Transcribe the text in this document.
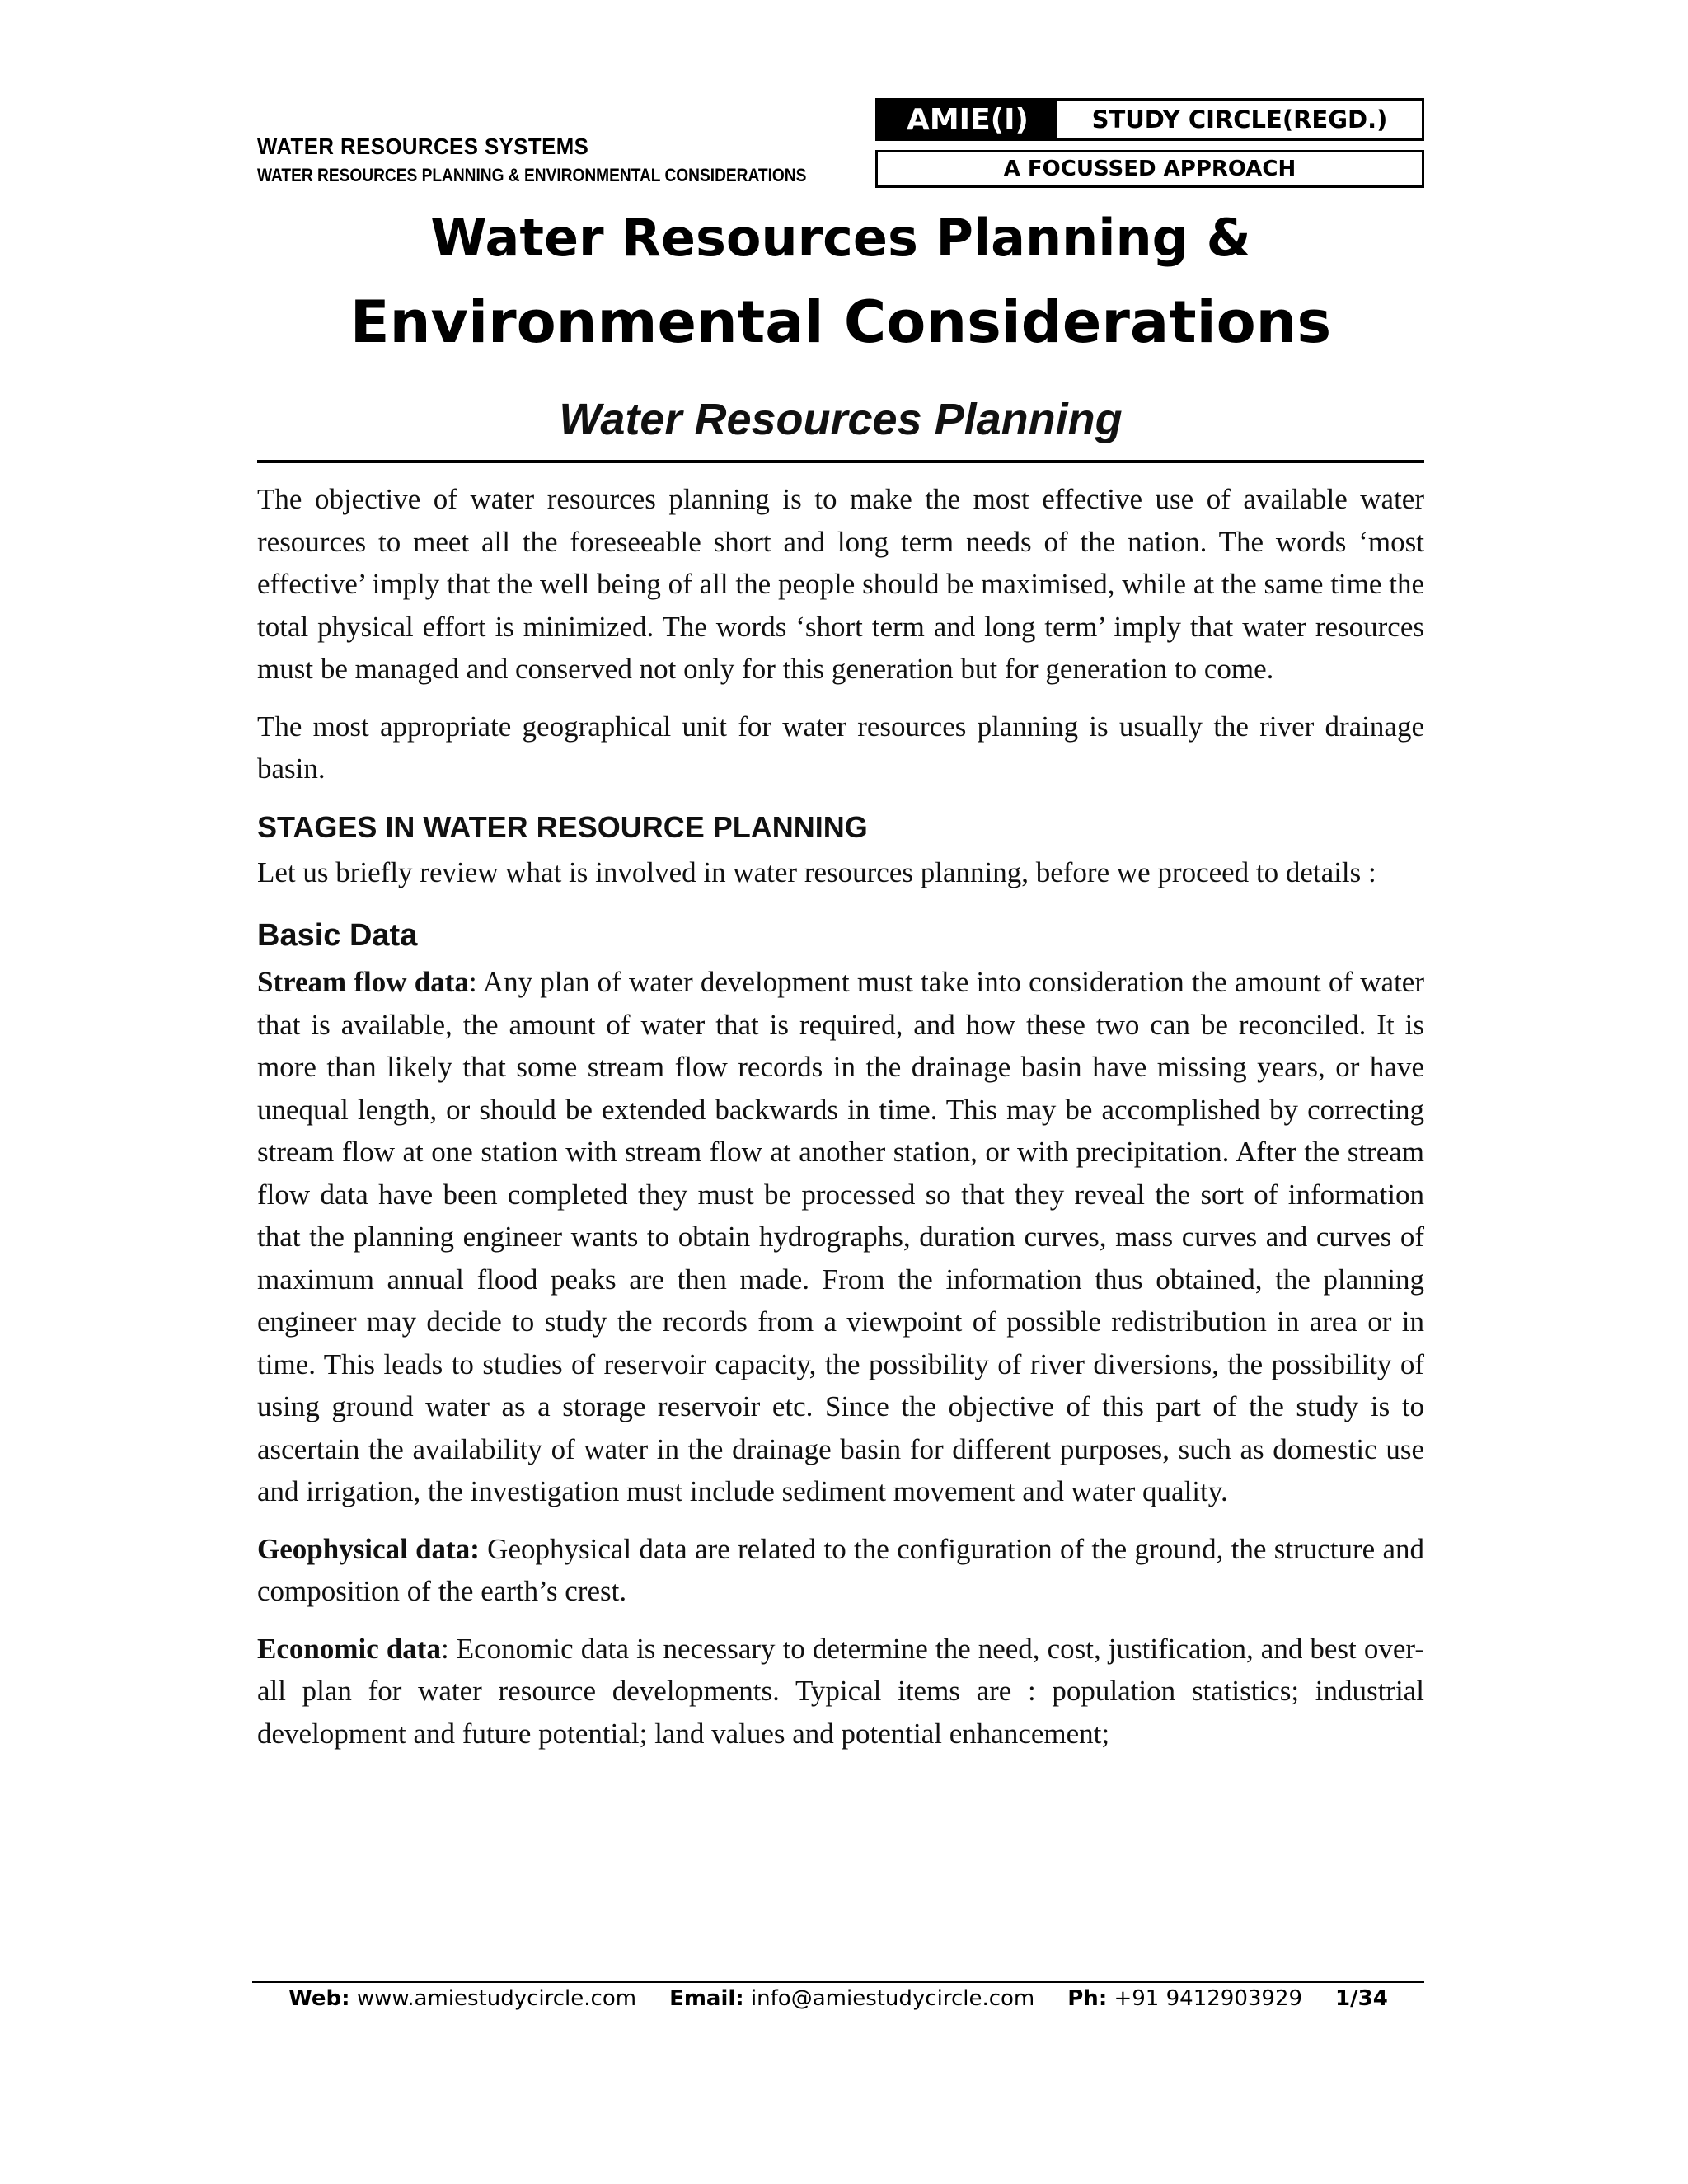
WATER RESOURCES SYSTEMS
WATER RESOURCES PLANNING & ENVIRONMENTAL CONSIDERATIONS
AMIE(I)	STUDY CIRCLE(REGD.)
A FOCUSSED APPROACH
Water Resources Planning &
Environmental Considerations
Water Resources Planning

The objective of water resources planning is to make the most effective use of available water resources to meet all the foreseeable short and long term needs of the nation. The words ‘most effective’ imply that the well being of all the people should be maximised, while at the same time the total physical effort is minimized. The words ‘short term and long term’ imply that water resources must be managed and conserved not only for this generation but for generation to come.

The most appropriate geographical unit for water resources planning is usually the river drainage basin.

STAGES IN WATER RESOURCE PLANNING

Let us briefly review what is involved in water resources planning, before we proceed to details :

Basic Data

Stream flow data: Any plan of water development must take into consideration the amount of water that is available, the amount of water that is required, and how these two can be reconciled. It is more than likely that some stream flow records in the drainage basin have missing years, or have unequal length, or should be extended backwards in time. This may be accomplished by correcting stream flow at one station with stream flow at another station, or with precipitation. After the stream flow data have been completed they must be processed so that they reveal the sort of information that the planning engineer wants to obtain hydrographs, duration curves, mass curves and curves of maximum annual flood peaks are then made. From the information thus obtained, the planning engineer may decide to study the records from a viewpoint of possible redistribution in area or in time. This leads to studies of reservoir capacity, the possibility of river diversions, the possibility of using ground water as a storage reservoir etc. Since the objective of this part of the study is to ascertain the availability of water in the drainage basin for different purposes, such as domestic use and irrigation, the investigation must include sediment movement and water quality.

Geophysical data: Geophysical data are related to the configuration of the ground, the structure and composition of the earth’s crest.

Economic data: Economic data is necessary to determine the need, cost, justification, and best over-all plan for water resource developments. Typical items are : population statistics; industrial development and future potential; land values and potential enhancement;

Web: www.amiestudycircle.com Email: info@amiestudycircle.com Ph: +91 9412903929 1/34
